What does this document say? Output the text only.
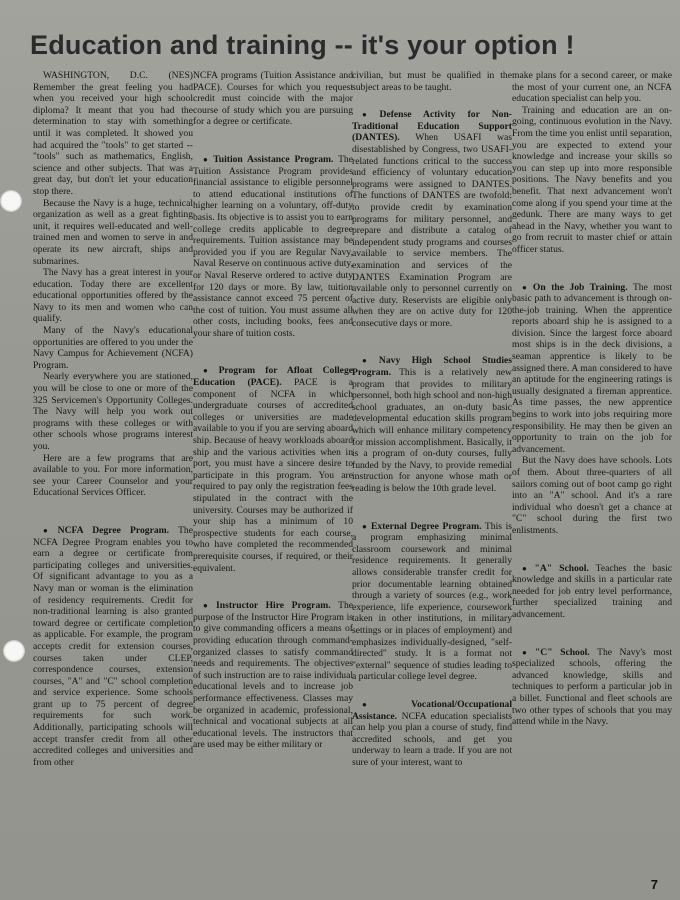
Education and training -- it's your option !

WASHINGTON, D.C. (NES) Remember the great feeling you had when you received your high school diploma? It meant that you had the determination to stay with something until it was completed. It showed you had acquired the "tools" to get started -- "tools" such as mathematics, English, science and other subjects. That was a great day, but don't let your education stop there.

Because the Navy is a huge, technical organization as well as a great fighting unit, it requires well-educated and well-trained men and women to serve in and operate its new aircraft, ships and submarines.

The Navy has a great interest in your education. Today there are excellent educational opportunities offered by the Navy to its men and women who can qualify.

Many of the Navy's educational opportunities are offered to you under the Navy Campus for Achievement (NCFA) Program.

Nearly everywhere you are stationed, you will be close to one or more of the 325 Servicemen's Opportunity Colleges. The Navy will help you work out programs with these colleges or with other schools whose programs interest you.

Here are a few programs that are available to you. For more information, see your Career Counselor and your Educational Services Officer.

● NCFA Degree Program. The NCFA Degree Program enables you to earn a degree or certificate from participating colleges and universities. Of significant advantage to you as a Navy man or woman is the elimination of residency requirements. Credit for non-traditional learning is also granted toward degree or certificate completion as applicable. For example, the program accepts credit for extension courses, courses taken under CLEP, correspondence courses, extension courses, "A" and "C" school completion and service experience. Some schools grant up to 75 percent of degree requirements for such work. Additionally, participating schools will accept transfer credit from all other accredited colleges and universities and from other

NCFA programs (Tuition Assistance and PACE). Courses for which you request credit must coincide with the major course of study which you are pursuing for a degree or certificate.

● Tuition Assistance Program. The Tuition Assistance Program provides financial assistance to eligible personnel to attend educational institutions of higher learning on a voluntary, off-duty basis. Its objective is to assist you to earn college credits applicable to degree requirements. Tuition assistance may be provided you if you are Regular Navy, Naval Reserve on continuous active duty, or Naval Reserve ordered to active duty for 120 days or more. By law, tuition assistance cannot exceed 75 percent of the cost of tuition. You must assume all other costs, including books, fees and your share of tuition costs.

● Program for Afloat College Education (PACE). PACE is a component of NCFA in which undergraduate courses of accredited colleges or universities are made available to you if you are serving aboard ship. Because of heavy workloads aboard ship and the various activities when in port, you must have a sincere desire to participate in this program. You are required to pay only the registration fees stipulated in the contract with the university. Courses may be authorized if your ship has a minimum of 10 prospective students for each course, who have completed the recommended prerequisite courses, if required, or their equivalent.

● Instructor Hire Program. The purpose of the Instructor Hire Program is to give commanding officers a means of providing education through command-organized classes to satisfy command needs and requirements. The objectives of such instruction are to raise individual educational levels and to increase job performance effectiveness. Classes may be organized in academic, professional, technical and vocational subjects at all educational levels. The instructors that are used may be either military or

civilian, but must be qualified in the subject areas to be taught.

● Defense Activity for Non-Traditional Education Support (DANTES). When USAFI was disestablished by Congress, two USAFI-related functions critical to the success and efficiency of voluntary education programs were assigned to DANTES. The functions of DANTES are twofold: to provide credit by examination programs for military personnel, and prepare and distribute a catalog of independent study programs and courses available to service members. The examination and services of the DANTES Examination Program are available only to personnel currently on active duty. Reservists are eligible only when they are on active duty for 120 consecutive days or more.

● Navy High School Studies Program. This is a relatively new program that provides to military personnel, both high school and non-high school graduates, an on-duty basic developmental education skills program which will enhance military competency for mission accomplishment. Basically, it is a program of on-duty courses, fully funded by the Navy, to provide remedial instruction for anyone whose math or reading is below the 10th grade level.

● External Degree Program. This is a program emphasizing minimal classroom coursework and minimal residence requirements. It generally allows considerable transfer credit for prior documentable learning obtained through a variety of sources (e.g., work experience, life experience, coursework taken in other institutions, in military settings or in places of employment) and emphasizes individually-designed, "self-directed" study. It is a format not "external" sequence of studies leading to a particular college level degree.

● Vocational/Occupational Assistance. NCFA education specialists can help you plan a course of study, find accredited schools, and get you underway to learn a trade. If you are not sure of your interest, want to

make plans for a second career, or make the most of your current one, an NCFA education specialist can help you.

Training and education are an on-going, continuous evolution in the Navy. From the time you enlist until separation, you are expected to extend your knowledge and increase your skills so you can step up into more responsible positions. The Navy benefits and you benefit. That next advancement won't come along if you spend your time at the gedunk. There are many ways to get ahead in the Navy, whether you want to go from recruit to master chief or attain officer status.

● On the Job Training. The most basic path to advancement is through on-the-job training. When the apprentice reports aboard ship he is assigned to a division. Since the largest force aboard most ships is in the deck divisions, a seaman apprentice is likely to be assigned there. A man considered to have an aptitude for the engineering ratings is usually designated a fireman apprentice. As time passes, the new apprentice begins to work into jobs requiring more responsibility. He may then be given an opportunity to train on the job for advancement.

But the Navy does have schools. Lots of them. About three-quarters of all sailors coming out of boot camp go right into an "A" school. And it's a rare individual who doesn't get a chance at "C" school during the first two enlistments.

● "A" School. Teaches the basic knowledge and skills in a particular rate needed for job entry level performance, further specialized training and advancement.

● "C" School. The Navy's most specialized schools, offering the advanced knowledge, skills and techniques to perform a particular job in a billet. Functional and fleet schools are two other types of schools that you may attend while in the Navy.

7
